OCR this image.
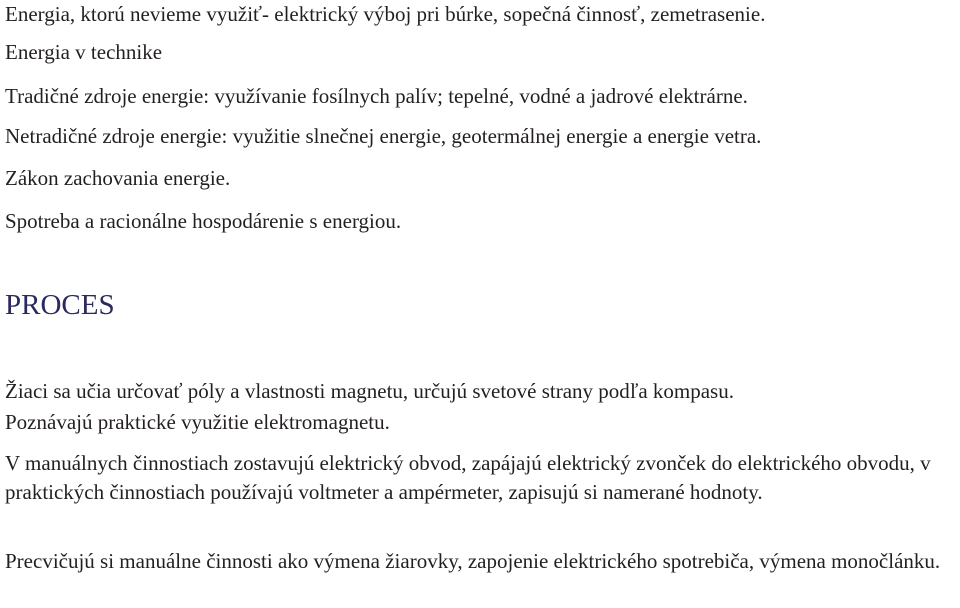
Energia, ktorú nevieme využiť- elektrický výboj pri búrke, sopečná činnosť, zemetrasenie.
Energia v technike
Tradičné zdroje energie: využívanie fosílnych palív; tepelné, vodné a jadrové elektrárne.
Netradičné zdroje energie: využitie slnečnej energie, geotermálnej energie a energie vetra.
Zákon zachovania energie.
Spotreba a racionálne hospodárenie s energiou.
PROCES
Žiaci sa učia určovať póly a vlastnosti magnetu, určujú svetové strany podľa kompasu.
Poznávajú praktické využitie elektromagnetu.
V manuálnych činnostiach zostavujú elektrický obvod, zapájajú elektrický zvonček do elektrického obvodu, v praktických činnostiach používajú voltmeter a ampérmeter, zapisujú si namerané hodnoty.
Precvičujú si manuálne činnosti ako výmena žiarovky, zapojenie elektrického spotrebiča, výmena monočlánku.
